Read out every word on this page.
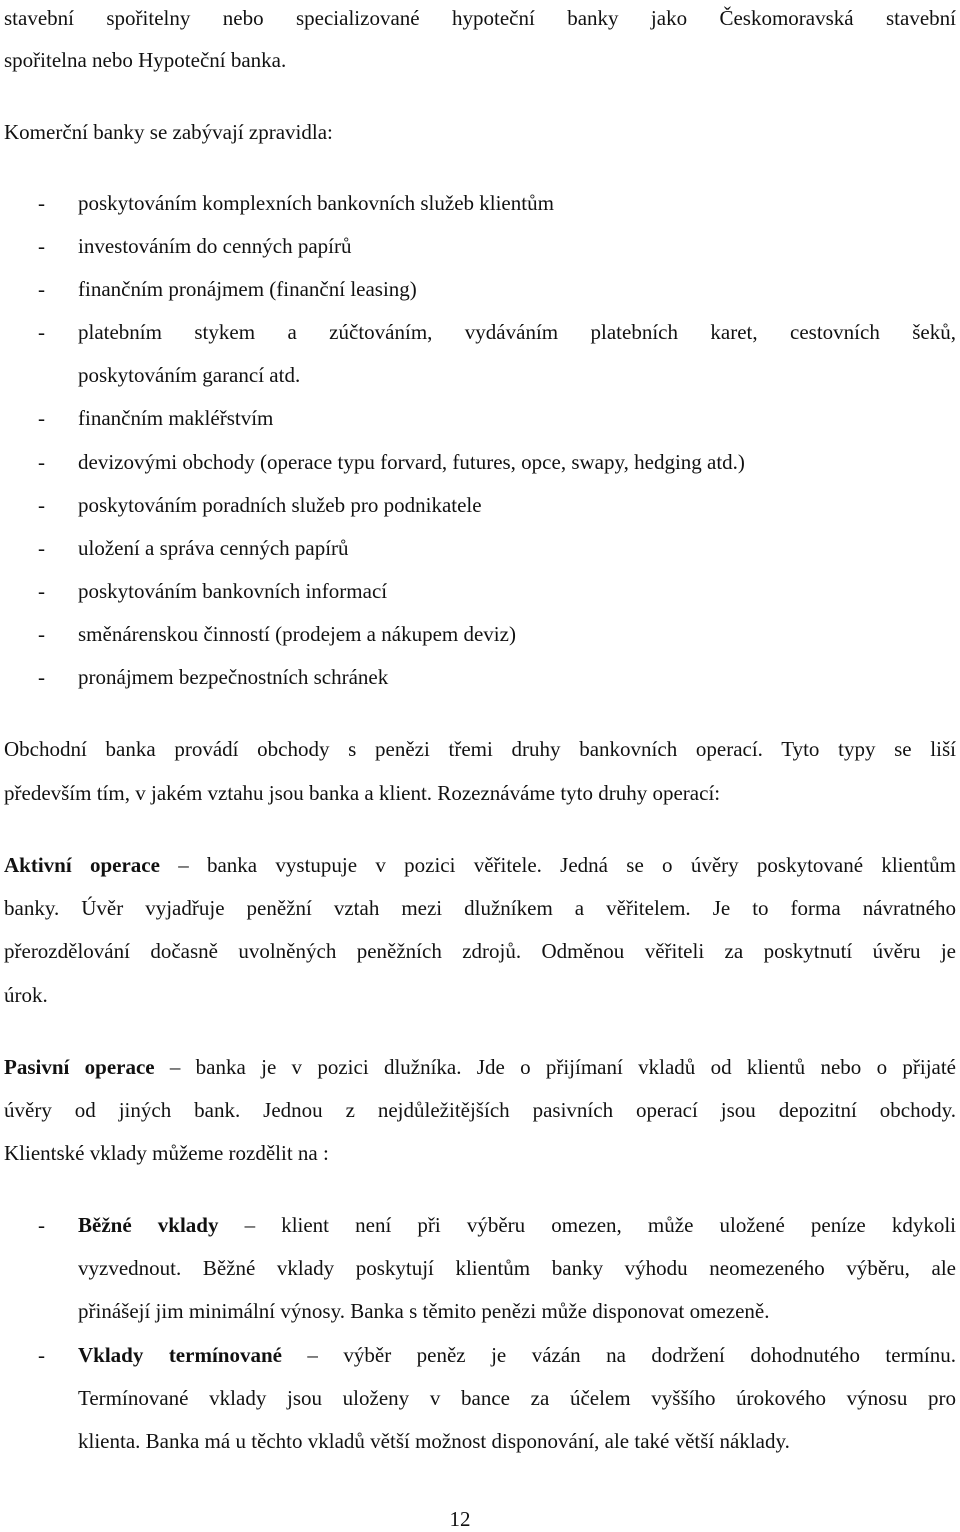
stavební spořitelny nebo specializované hypoteční banky jako Českomoravská stavební
spořitelna nebo Hypoteční banka.
Komerční banky se zabývají zpravidla:
- poskytováním komplexních bankovních služeb klientům
- investováním do cenných papírů
- finančním pronájmem (finanční leasing)
- platebním stykem a zúčtováním, vydáváním platebních karet, cestovních šeků,
poskytováním garancí atd.
- finančním makléřstvím
- devizovými obchody (operace typu forvard, futures, opce, swapy, hedging atd.)
- poskytováním poradních služeb pro podnikatele
- uložení a správa cenných papírů
- poskytováním bankovních informací
- směnárenskou činností (prodejem a nákupem deviz)
- pronájmem bezpečnostních schránek
Obchodní banka provádí obchody s penězi třemi druhy bankovních operací. Tyto typy se liší
především tím, v jakém vztahu jsou banka a klient. Rozeznáváme tyto druhy operací:
Aktivní operace – banka vystupuje v pozici věřitele. Jedná se o úvěry poskytované klientům
banky. Úvěr vyjadřuje peněžní vztah mezi dlužníkem a věřitelem. Je to forma návratného
přerozdělování dočasně uvolněných peněžních zdrojů. Odměnou věřiteli za poskytnutí úvěru je
úrok.
Pasivní operace – banka je v pozici dlužníka. Jde o přijímaní vkladů od klientů nebo o přijaté
úvěry od jiných bank. Jednou z nejdůležitějších pasivních operací jsou depozitní obchody.
Klientské vklady můžeme rozdělit na :
- Běžné vklady – klient není při výběru omezen, může uložené peníze kdykoli
vyzvednout. Běžné vklady poskytují klientům banky výhodu neomezeného výběru, ale
přinášejí jim minimální výnosy. Banka s těmito penězi může disponovat omezeně.
- Vklady termínované – výběr peněz je vázán na dodržení dohodnutého termínu.
Termínované vklady jsou uloženy v bance za účelem vyššího úrokového výnosu pro
klienta. Banka má u těchto vkladů větší možnost disponování, ale také větší náklady.
12
